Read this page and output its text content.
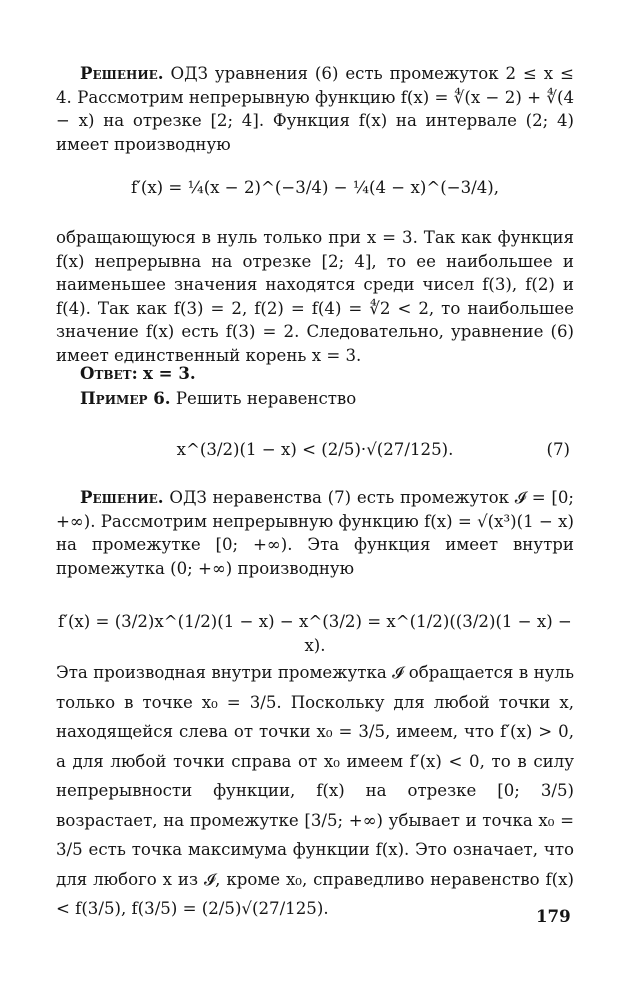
Решение. ОДЗ уравнения (6) есть промежуток 2 ≤ x ≤ 4. Рассмотрим непрерывную функцию f(x) = ∜(x − 2) + ∜(4 − x) на отрезке [2; 4]. Функция f(x) на интервале (2; 4) имеет производную

f′(x) = ¼(x − 2)^(−3/4) − ¼(4 − x)^(−3/4),

обращающуюся в нуль только при x = 3. Так как функция f(x) непрерывна на отрезке [2; 4], то ее наибольшее и наименьшее значения находятся среди чисел f(3), f(2) и f(4). Так как f(3) = 2, f(2) = f(4) = ∜2 < 2, то наибольшее значение f(x) есть f(3) = 2. Следовательно, уравнение (6) имеет единственный корень x = 3.

Ответ: x = 3.

Пример 6. Решить неравенство

x^(3/2)(1 − x) < (2/5)·√(27/125).	(7)

Решение. ОДЗ неравенства (7) есть промежуток 𝓘 = [0; +∞). Рассмотрим непрерывную функцию f(x) = √(x³)(1 − x) на промежутке [0; +∞). Эта функция имеет внутри промежутка (0; +∞) производную

f′(x) = (3/2)x^(1/2)(1 − x) − x^(3/2) = x^(1/2)((3/2)(1 − x) − x).

Эта производная внутри промежутка 𝓘 обращается в нуль только в точке x₀ = 3/5. Поскольку для любой точки x, находящейся слева от точки x₀ = 3/5, имеем, что f′(x) > 0, а для любой точки справа от x₀ имеем f′(x) < 0, то в силу непрерывности функции, f(x) на отрезке [0; 3/5) возрастает, на промежутке [3/5; +∞) убывает и точка x₀ = 3/5 есть точка максимума функции f(x). Это означает, что для любого x из 𝓘, кроме x₀, справедливо неравенство f(x) < f(3/5), f(3/5) = (2/5)√(27/125).	179
